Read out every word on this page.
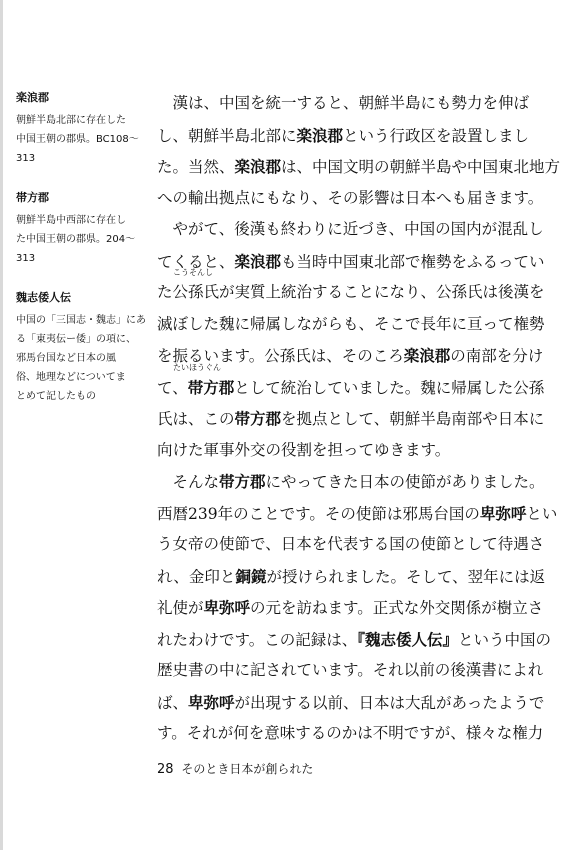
楽浪郡
朝鮮半島北部に存在した
中国王朝の郡県。BC108～
313
帯方郡
朝鮮半島中西部に存在し
た中国王朝の郡県。204～
313
魏志倭人伝
中国の「三国志・魏志」にあ
る「東夷伝ー倭」の項に、
邪馬台国など日本の風
俗、地理などについてま
とめて記したもの
　漢は、中国を統一すると、朝鮮半島にも勢力を伸ば
し、朝鮮半島北部に楽浪郡という行政区を設置しまし
た。当然、楽浪郡は、中国文明の朝鮮半島や中国東北地方
への輸出拠点にもなり、その影響は日本へも届きます。
　やがて、後漢も終わりに近づき、中国の国内が混乱し
てくると、楽浪郡も当時中国東北部で権勢をふるってい
こうそんし
た公孫氏が実質上統治することになり、公孫氏は後漢を
滅ぼした魏に帰属しながらも、そこで長年に亘って権勢
を振るいます。公孫氏は、そのころ楽浪郡の南部を分け
たいほうぐん
て、帯方郡として統治していました。魏に帰属した公孫
氏は、この帯方郡を拠点として、朝鮮半島南部や日本に
向けた軍事外交の役割を担ってゆきます。
　そんな帯方郡にやってきた日本の使節がありました。
西暦239年のことです。その使節は邪馬台国の卑弥呼とい
う女帝の使節で、日本を代表する国の使節として待遇さ
れ、金印と銅鏡が授けられました。そして、翌年には返
礼使が卑弥呼の元を訪ねます。正式な外交関係が樹立さ
れたわけです。この記録は、『魏志倭人伝』という中国の
歴史書の中に記されています。それ以前の後漢書によれ
ば、卑弥呼が出現する以前、日本は大乱があったようで
す。それが何を意味するのかは不明ですが、様々な権力
28 そのとき日本が創られた
